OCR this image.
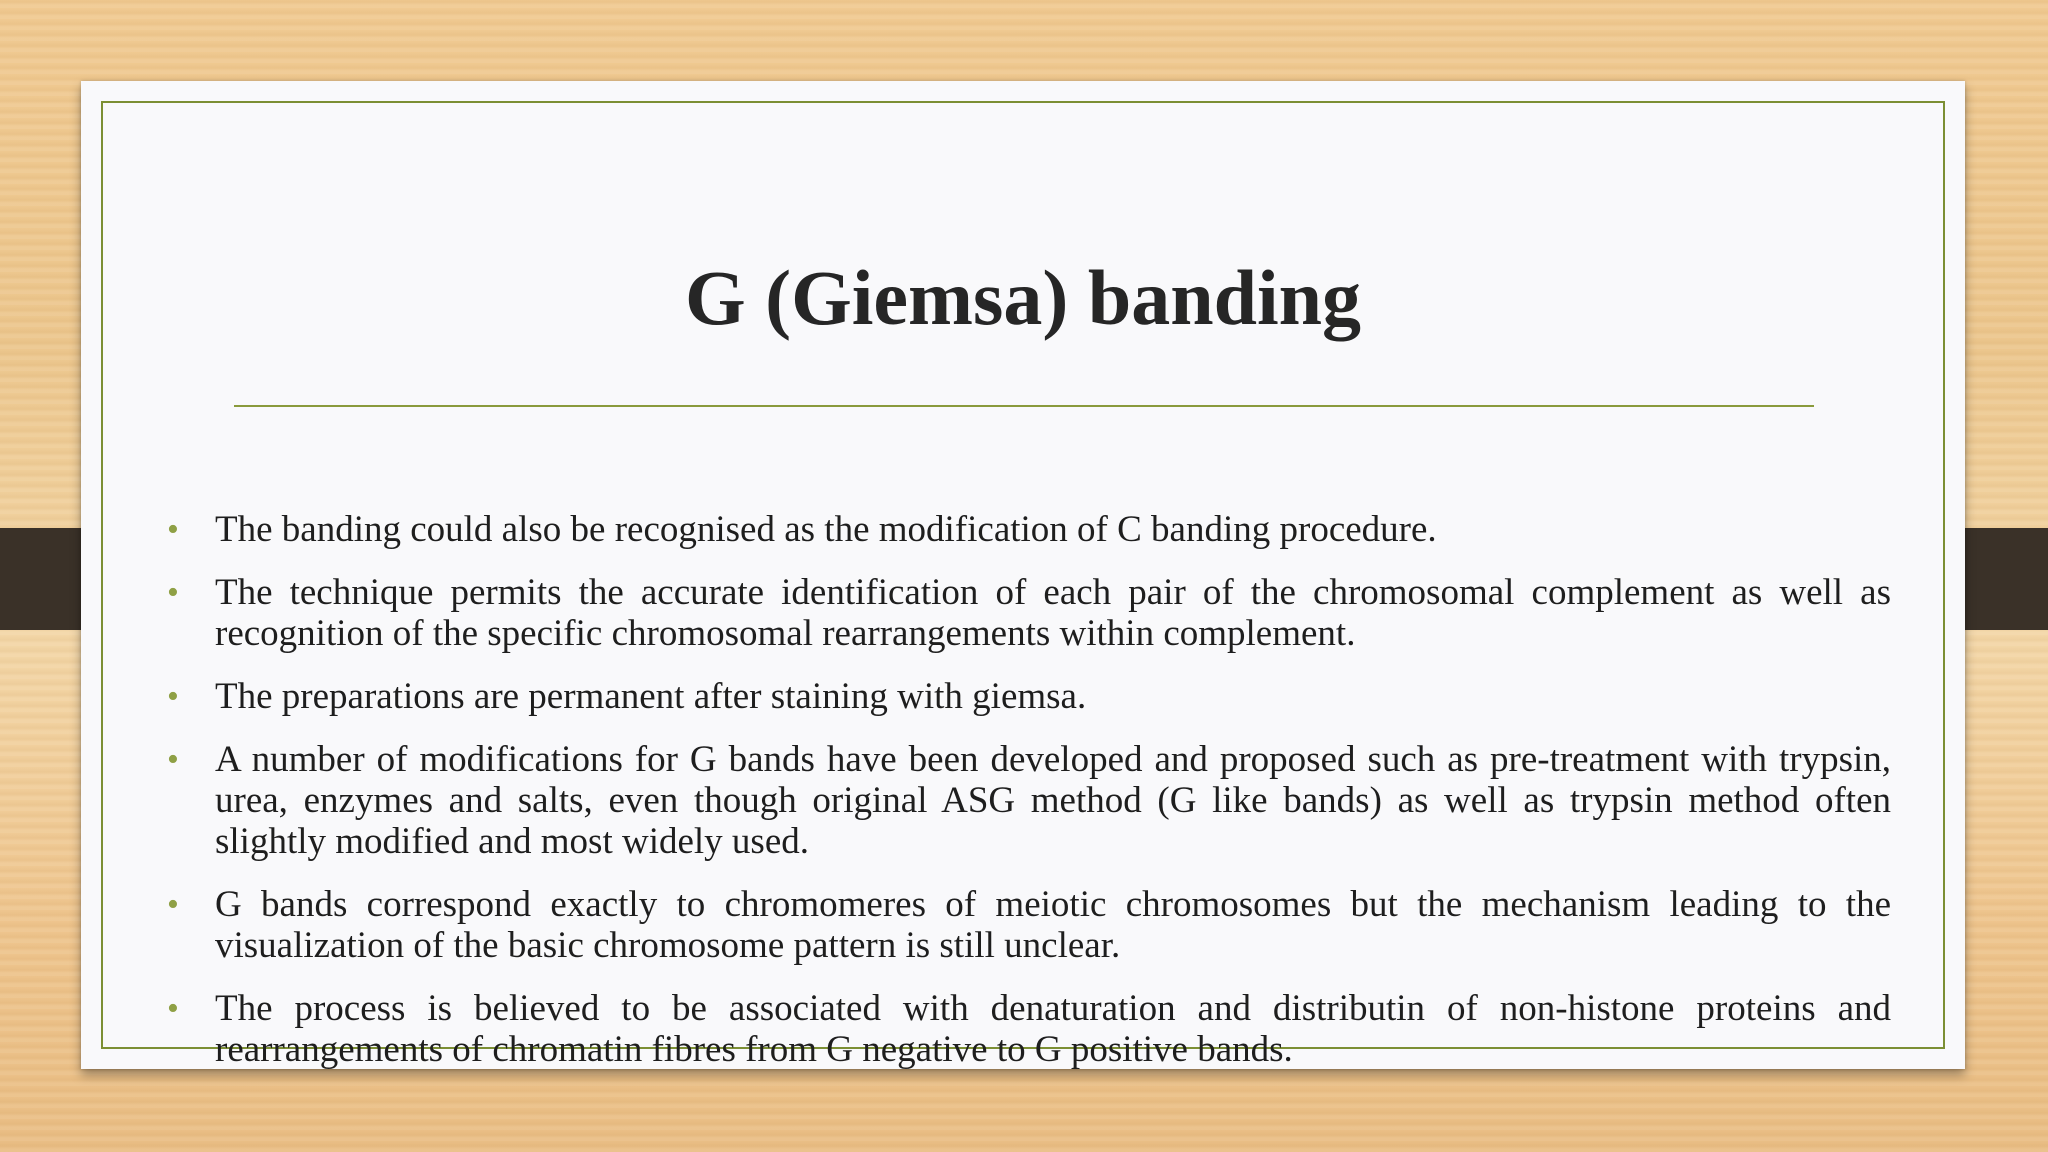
G (Giemsa) banding
• The banding could also be recognised as the modification of C banding procedure.
• The technique permits the accurate identification of each pair of the chromosomal complement as well as recognition of the specific chromosomal rearrangements within complement.
• The preparations are permanent after staining with giemsa.
• A number of modifications for G bands have been developed and proposed such as pre-treatment with trypsin, urea, enzymes and salts, even though original ASG method (G like bands) as well as trypsin method often slightly modified and most widely used.
• G bands correspond exactly to chromomeres of meiotic chromosomes but the mechanism leading to the visualization of the basic chromosome pattern is still unclear.
• The process is believed to be associated with denaturation and distributin of non-histone proteins and rearrangements of chromatin fibres from G negative to G positive bands.
